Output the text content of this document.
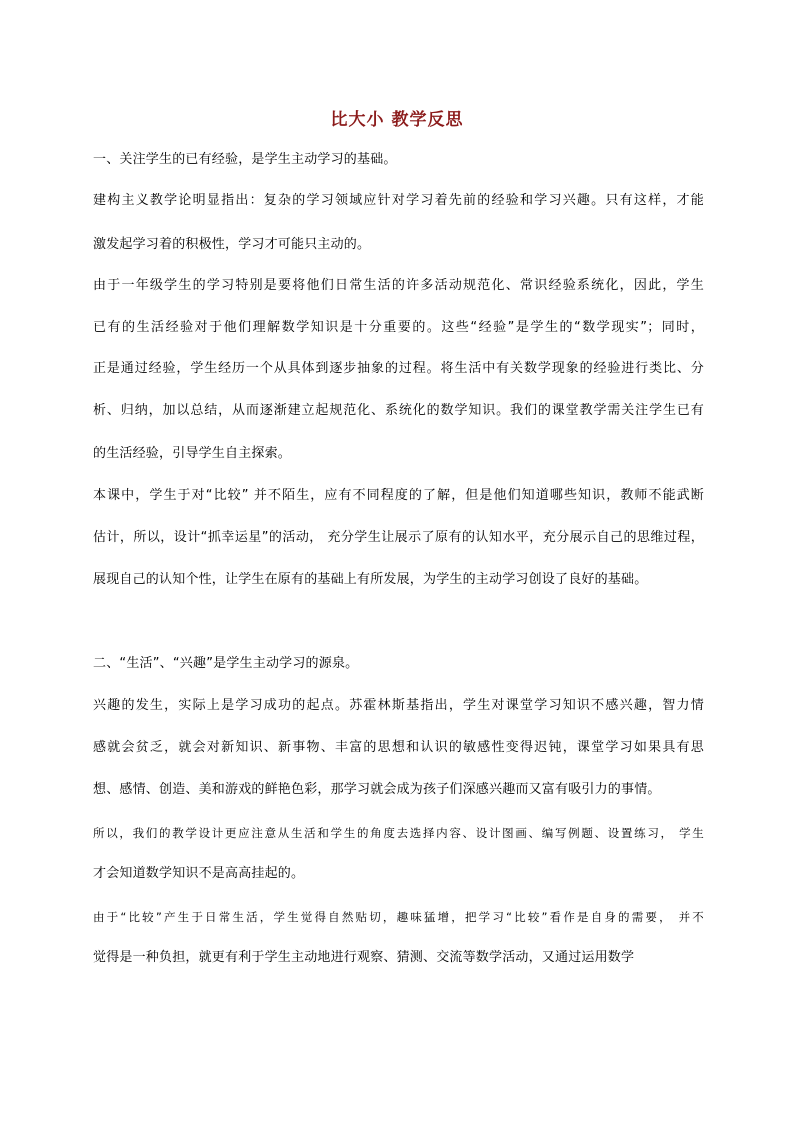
比大小 教学反思
一、关注学生的已有经验，是学生主动学习的基础。
建构主义教学论明显指出：复杂的学习领域应针对学习着先前的经验和学习兴趣。只有这样，才能
激发起学习着的积极性，学习才可能只主动的。
由于一年级学生的学习特别是要将他们日常生活的许多活动规范化、常识经验系统化，因此，学生
已有的生活经验对于他们理解数学知识是十分重要的。这些“经验”是学生的“数学现实”；同时，
正是通过经验，学生经历一个从具体到逐步抽象的过程。将生活中有关数学现象的经验进行类比、分
析、归纳，加以总结，从而逐渐建立起规范化、系统化的数学知识。我们的课堂教学需关注学生已有
的生活经验，引导学生自主探索。
本课中，学生于对“比较” 并不陌生，应有不同程度的了解，但是他们知道哪些知识，教师不能武断
估计，所以，设计“抓幸运星”的活动， 充分学生让展示了原有的认知水平，充分展示自己的思维过程，
展现自己的认知个性，让学生在原有的基础上有所发展，为学生的主动学习创设了良好的基础。
二、“生活”、“兴趣”是学生主动学习的源泉。
兴趣的发生，实际上是学习成功的起点。苏霍林斯基指出，学生对课堂学习知识不感兴趣，智力情
感就会贫乏，就会对新知识、新事物、丰富的思想和认识的敏感性变得迟钝，课堂学习如果具有思
想、感情、创造、美和游戏的鲜艳色彩，那学习就会成为孩子们深感兴趣而又富有吸引力的事情。
所以，我们的教学设计更应注意从生活和学生的角度去选择内容、设计图画、编写例题、设置练习， 学生
才会知道数学知识不是高高挂起的。
由于“比较”产生于日常生活，学生觉得自然贴切，趣味猛增，把学习“比较”看作是自身的需要， 并不
觉得是一种负担，就更有利于学生主动地进行观察、猜测、交流等数学活动，又通过运用数学
